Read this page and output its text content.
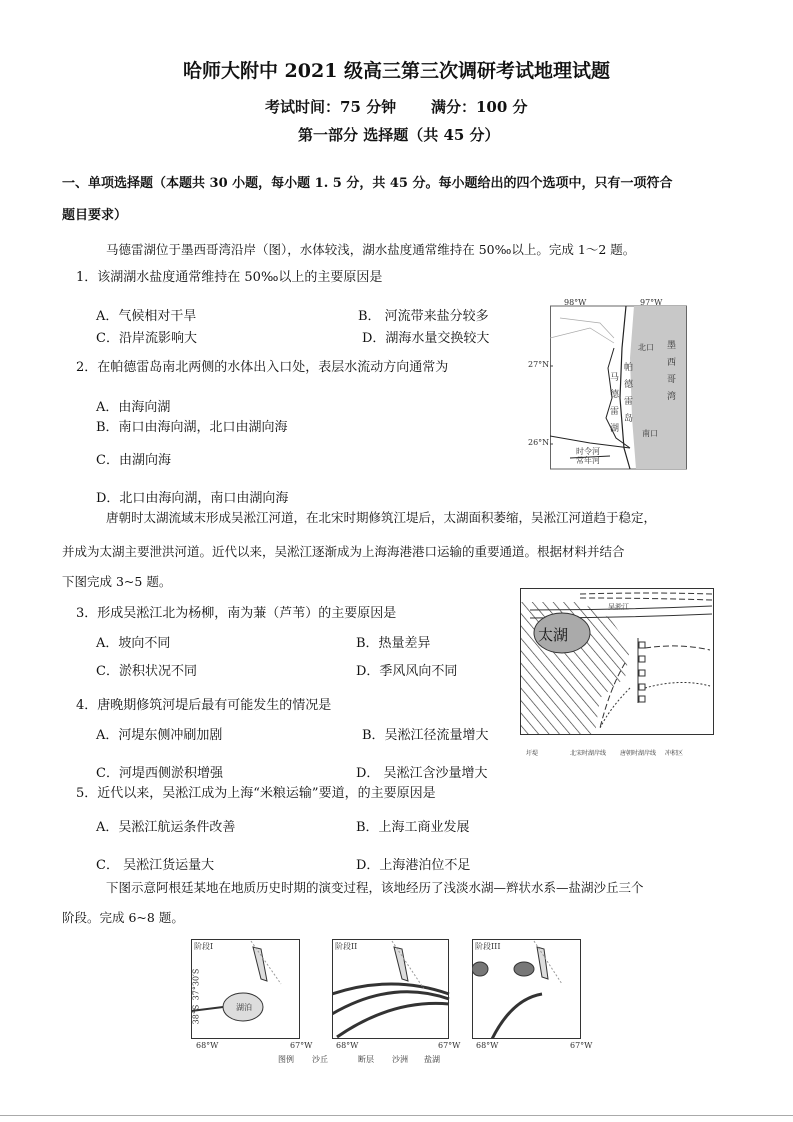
哈师大附中 2021 级高三第三次调研考试地理试题
考试时间：75 分钟 满分：100 分
第一部分 选择题（共 45 分）
一、单项选择题（本题共 30 小题，每小题 1. 5 分，共 45 分。每小题给出的四个选项中，只有一项符合
题目要求）
马德雷湖位于墨西哥湾沿岸（图），水体较浅，湖水盐度通常维持在 50‰以上。完成 1～2 题。
1．该湖湖水盐度通常维持在 50‰以上的主要原因是
A．气候相对干旱	B． 河流带来盐分较多
C．沿岸流影响大	D．湖海水量交换较大
2．在帕德雷岛南北两侧的水体出入口处，表层水流动方向通常为
A．由海向湖
B．南口由海向湖，北口由湖向海
C．由湖向海
D．北口由海向湖，南口由湖向海
98°W	97°W
27°N
26°N
北口
南口
墨西哥湾
帕德雷岛
马德雷湖
时令河
常年河
唐朝时太湖流域末形成吴淞江河道，在北宋时期修筑江堤后，太湖面积萎缩，吴淞江河道趋于稳定，
并成为太湖主要泄洪河道。近代以来，吴淞江逐渐成为上海海港港口运输的重要通道。根据材料并结合
下图完成 3~5 题。
3．形成吴淞江北为杨柳，南为蒹（芦苇）的主要原因是
A．坡向不同	B．热量差异
C．淤积状况不同	D．季风风向不同
4．唐晚期修筑河堤后最有可能发生的情况是
A．河堤东侧冲刷加剧	B．吴淞江径流量增大
C．河堤西侧淤积增强	D． 吴淞江含沙量增大
5．近代以来，吴淞江成为上海“米粮运输”要道，的主要原因是
A．吴淞江航运条件改善	B．上海工商业发展
C． 吴淞江货运量大	D．上海港泊位不足
吴淞江
太湖
圩堤	北宋时湖岸线 唐朝时湖岸线 冲积区
下图示意阿根廷某地在地质历史时期的演变过程，该地经历了浅淡水湖—辫状水系—盐湖沙丘三个
阶段。完成 6~8 题。
阶段I
湖泊
阶段II	阶段III
37°30′S
38°S
68°W	67°W	68°W	67°W 68°W	67°W
图例 沙丘	断层 沙洲 盐湖
